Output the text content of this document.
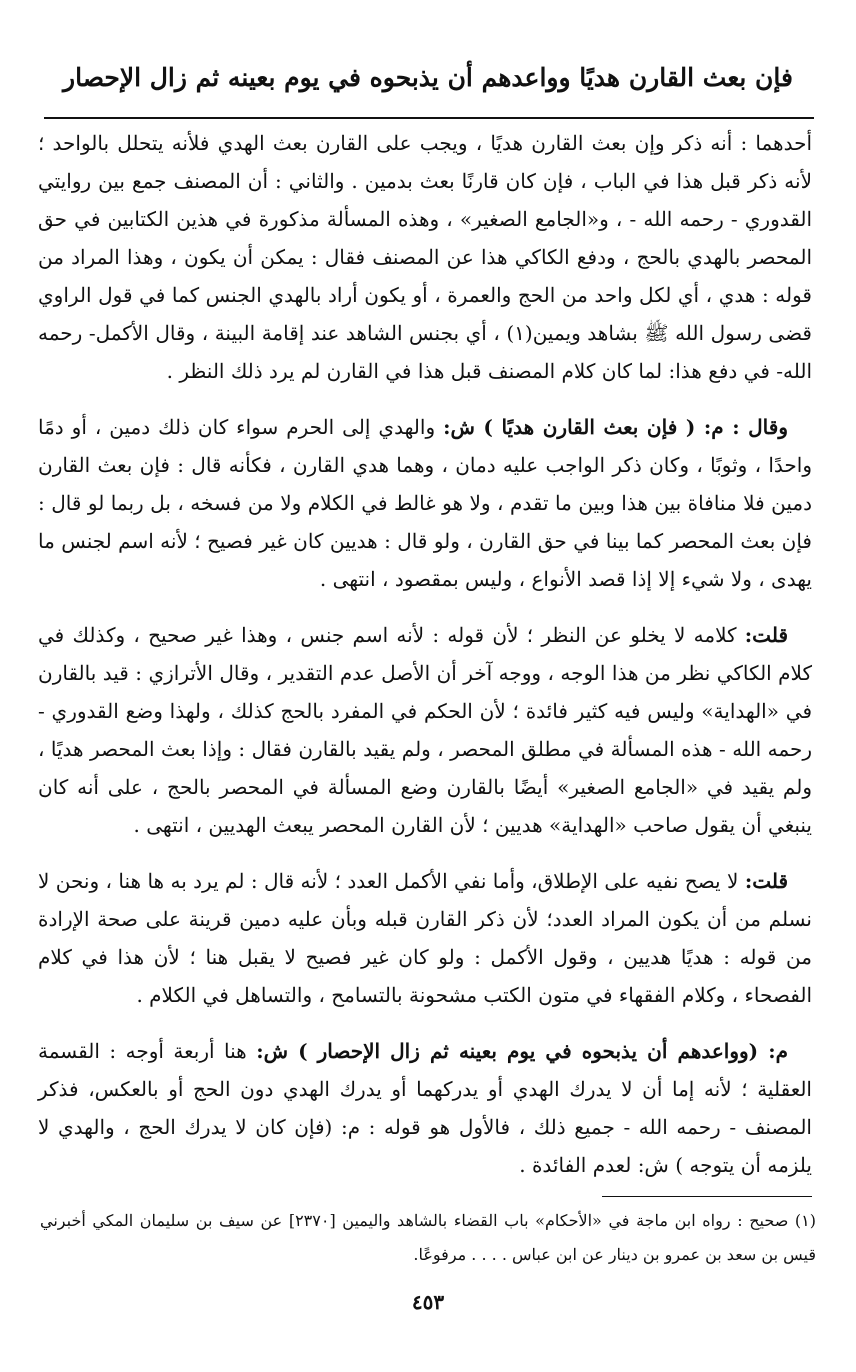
فإن بعث القارن هديًا وواعدهم أن يذبحوه في يوم بعينه ثم زال الإحصار

أحدهما : أنه ذكر وإن بعث القارن هديًا ، ويجب على القارن بعث الهدي فلأنه يتحلل بالواحد ؛ لأنه ذكر قبل هذا في الباب ، فإن كان قارنًا بعث بدمين . والثاني : أن المصنف جمع بين روايتي القدوري - رحمه الله - ، و«الجامع الصغير» ، وهذه المسألة مذكورة في هذين الكتابين في حق المحصر بالهدي بالحج ، ودفع الكاكي هذا عن المصنف فقال : يمكن أن يكون ، وهذا المراد من قوله : هدي ، أي لكل واحد من الحج والعمرة ، أو يكون أراد بالهدي الجنس كما في قول الراوي قضى رسول الله ﷺ بشاهد ويمين(١) ، أي بجنس الشاهد عند إقامة البينة ، وقال الأكمل- رحمه الله- في دفع هذا: لما كان كلام المصنف قبل هذا في القارن لم يرد ذلك النظر .

وقال : م: ( فإن بعث القارن هديًا ) ش: والهدي إلى الحرم سواء كان ذلك دمين ، أو دمًا واحدًا ، وثوبًا ، وكان ذكر الواجب عليه دمان ، وهما هدي القارن ، فكأنه قال : فإن بعث القارن دمين فلا منافاة بين هذا وبين ما تقدم ، ولا هو غالط في الكلام ولا من فسخه ، بل ربما لو قال : فإن بعث المحصر كما بينا في حق القارن ، ولو قال : هديين كان غير فصيح ؛ لأنه اسم لجنس ما يهدى ، ولا شيء إلا إذا قصد الأنواع ، وليس بمقصود ، انتهى .

قلت: كلامه لا يخلو عن النظر ؛ لأن قوله : لأنه اسم جنس ، وهذا غير صحيح ، وكذلك في كلام الكاكي نظر من هذا الوجه ، ووجه آخر أن الأصل عدم التقدير ، وقال الأترازي : قيد بالقارن في «الهداية» وليس فيه كثير فائدة ؛ لأن الحكم في المفرد بالحج كذلك ، ولهذا وضع القدوري - رحمه الله - هذه المسألة في مطلق المحصر ، ولم يقيد بالقارن فقال : وإذا بعث المحصر هديًا ، ولم يقيد في «الجامع الصغير» أيضًا بالقارن وضع المسألة في المحصر بالحج ، على أنه كان ينبغي أن يقول صاحب «الهداية» هديين ؛ لأن القارن المحصر يبعث الهديين ، انتهى .

قلت: لا يصح نفيه على الإطلاق، وأما نفي الأكمل العدد ؛ لأنه قال : لم يرد به ها هنا ، ونحن لا نسلم من أن يكون المراد العدد؛ لأن ذكر القارن قبله وبأن عليه دمين قرينة على صحة الإرادة من قوله : هديًا هديين ، وقول الأكمل : ولو كان غير فصيح لا يقبل هنا ؛ لأن هذا في كلام الفصحاء ، وكلام الفقهاء في متون الكتب مشحونة بالتسامح ، والتساهل في الكلام .

م: (وواعدهم أن يذبحوه في يوم بعينه ثم زال الإحصار ) ش: هنا أربعة أوجه : القسمة العقلية ؛ لأنه إما أن لا يدرك الهدي أو يدركهما أو يدرك الهدي دون الحج أو بالعكس، فذكر المصنف - رحمه الله - جميع ذلك ، فالأول هو قوله : م: (فإن كان لا يدرك الحج ، والهدي لا يلزمه أن يتوجه ) ش: لعدم الفائدة .

(١) صحيح : رواه ابن ماجة في «الأحكام» باب القضاء بالشاهد واليمين [٢٣٧٠] عن سيف بن سليمان المكي أخبرني قيس بن سعد بن عمرو بن دينار عن ابن عباس . . . . مرفوعًا.
٤٥٣
